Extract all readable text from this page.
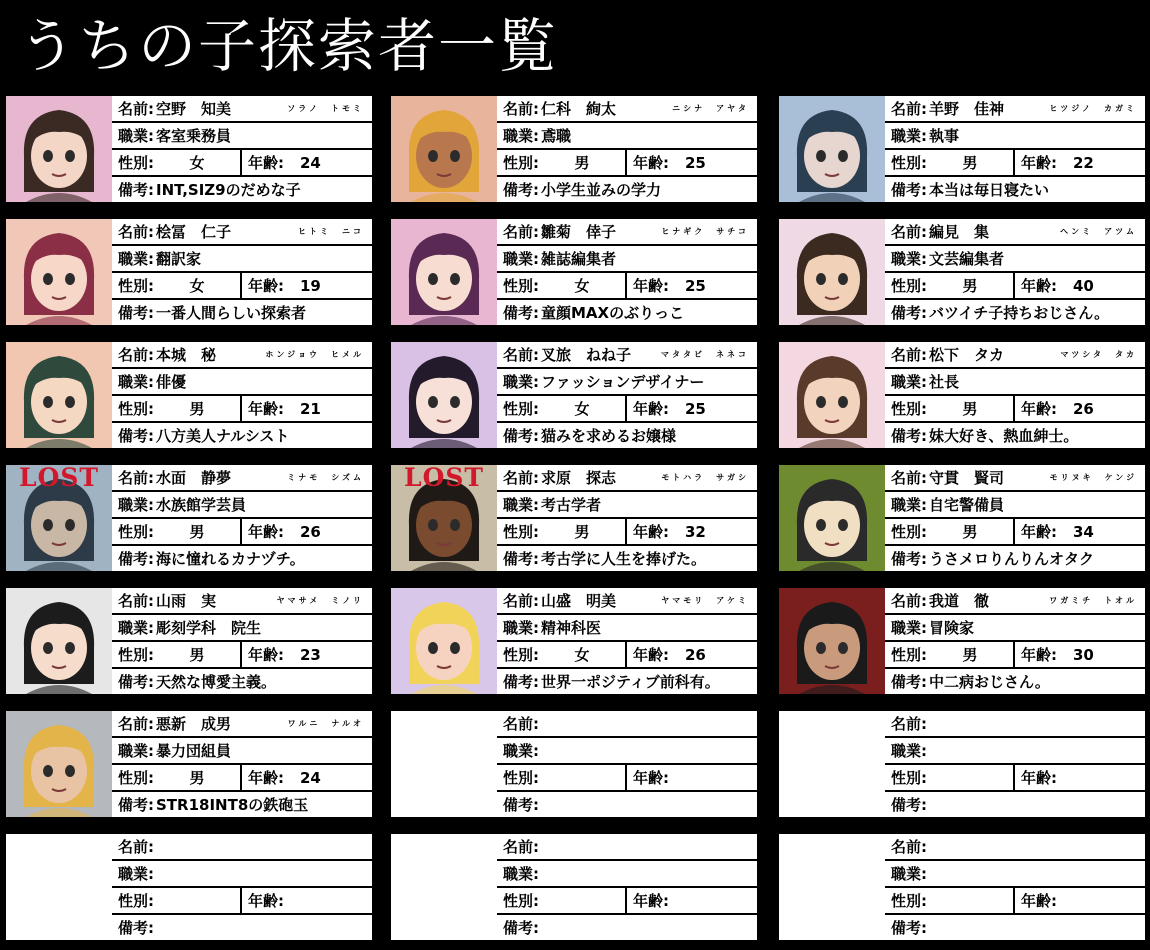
うちの子探索者一覧
名前: 空野　知美	ソラノ　トモミ
職業: 客室乗務員
性別: 女	年齢: 24
備考: INT,SIZ9のだめな子
名前: 仁科　絢太	ニシナ　アヤタ
職業: 鳶職
性別: 男	年齢: 25
備考: 小学生並みの学力
名前: 羊野　佳神	ヒツジノ　カガミ
職業: 執事
性別: 男	年齢: 22
備考: 本当は毎日寝たい
名前: 桧冨　仁子	ヒトミ　ニコ
職業: 翻訳家
性別: 女	年齢: 19
備考: 一番人間らしい探索者
名前: 雛菊　倖子	ヒナギク　サチコ
職業: 雑誌編集者
性別: 女	年齢: 25
備考: 童顔MAXのぶりっこ
名前: 編見　集	ヘンミ　アツム
職業: 文芸編集者
性別: 男	年齢: 40
備考: バツイチ子持ちおじさん。
名前: 本城　秘	ホンジョウ　ヒメル
職業: 俳優
性別: 男	年齢: 21
備考: 八方美人ナルシスト
名前: 叉旅　ねね子	マタタビ　ネネコ
職業: ファッションデザイナー
性別: 女	年齢: 25
備考: 猫みを求めるお嬢様
名前: 松下　タカ	マツシタ　タカ
職業: 社長
性別: 男	年齢: 26
備考: 妹大好き、熱血紳士。
LOST	名前: 水面　静夢	ミナモ　シズム
職業: 水族館学芸員
性別: 男	年齢: 26
備考: 海に憧れるカナヅチ。
LOST	名前: 求原　探志	モトハラ　サガシ
職業: 考古学者
性別: 男	年齢: 32
備考: 考古学に人生を捧げた。
名前: 守貫　賢司	モリヌキ　ケンジ
職業: 自宅警備員
性別: 男	年齢: 34
備考: うさメロりんりんオタク
名前: 山雨　実	ヤマサメ　ミノリ
職業: 彫刻学科　院生
性別: 男	年齢: 23
備考: 天然な博愛主義。
名前: 山盛　明美	ヤマモリ　アケミ
職業: 精神科医
性別: 女	年齢: 26
備考: 世界一ポジティブ前科有。
名前: 我道　徹	ワガミチ　トオル
職業: 冒険家
性別: 男	年齢: 30
備考: 中二病おじさん。
名前: 悪新　成男	ワルニ　ナルオ
職業: 暴力団組員
性別: 男	年齢: 24
備考: STR18INT8の鉄砲玉
名前:
職業:
性別:	年齢:
備考:
名前:
職業:
性別:	年齢:
備考:
名前:
職業:
性別:	年齢:
備考:
名前:
職業:
性別:	年齢:
備考:
名前:
職業:
性別:	年齢:
備考:
